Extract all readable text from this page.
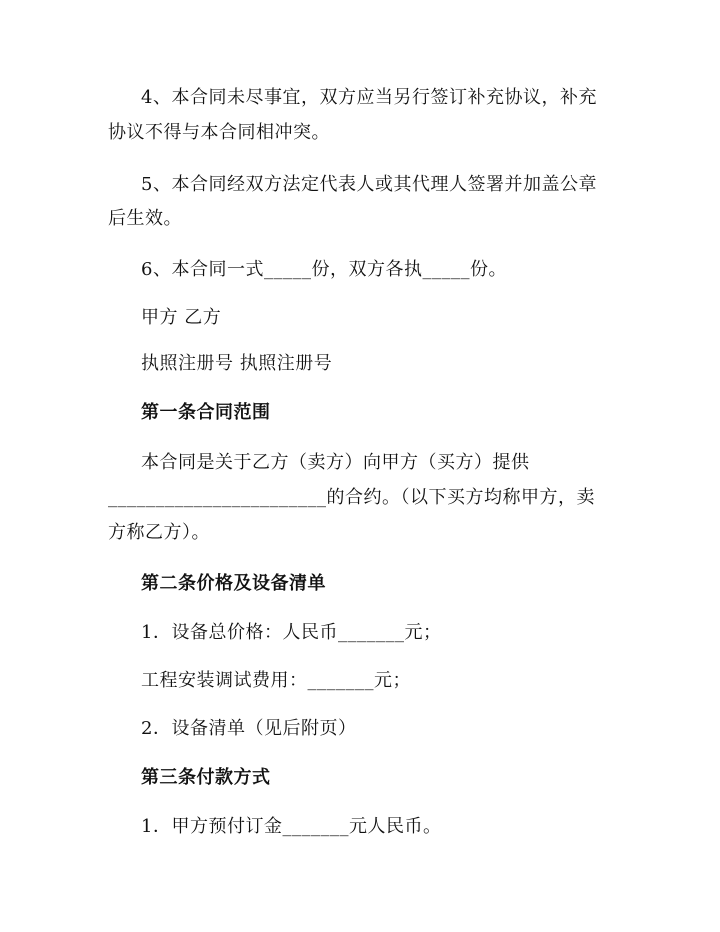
4、本合同未尽事宜，双方应当另行签订补充协议，补充
协议不得与本合同相冲突。
5、本合同经双方法定代表人或其代理人签署并加盖公章
后生效。
6、本合同一式_____份，双方各执_____份。
甲方 乙方
执照注册号 执照注册号
第一条合同范围
本合同是关于乙方（卖方）向甲方（买方）提供
_______________________的合约。（以下买方均称甲方，卖
方称乙方）。
第二条价格及设备清单
1．设备总价格：人民币_______元；
工程安装调试费用：_______元；
2．设备清单（见后附页）
第三条付款方式
1．甲方预付订金_______元人民币。
